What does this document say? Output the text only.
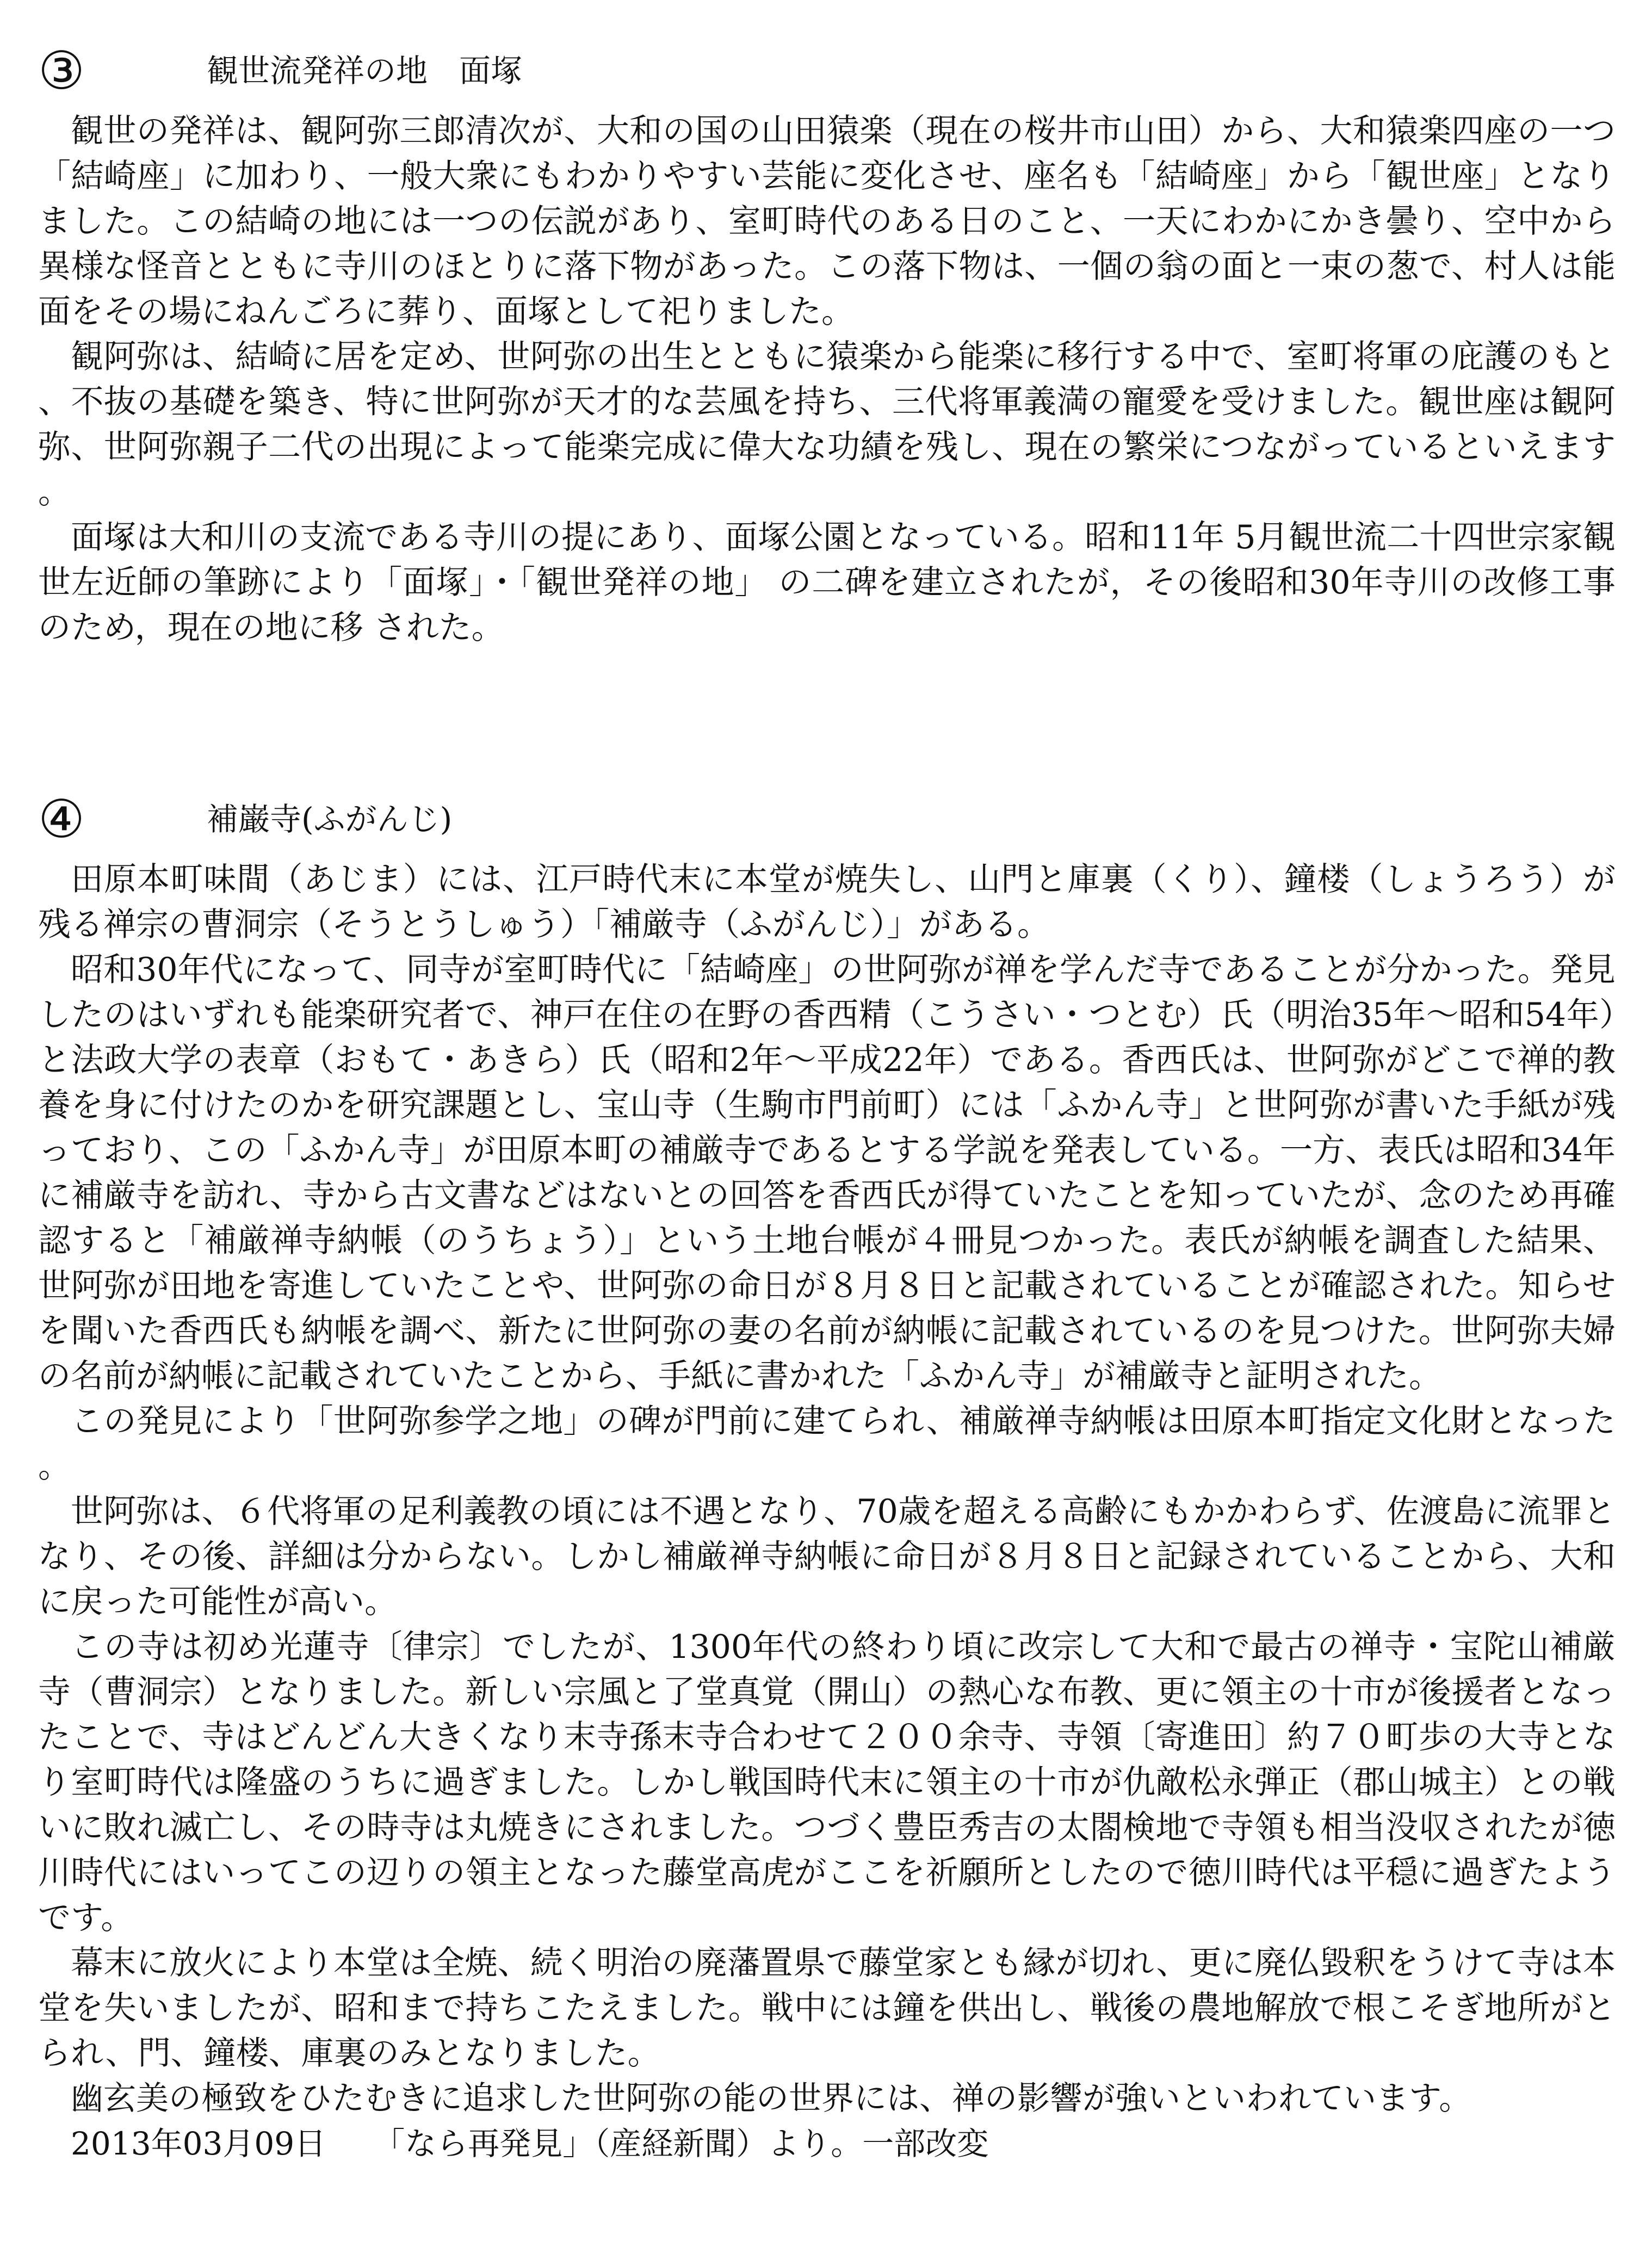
③	観世流発祥の地　面塚

観世の発祥は、観阿弥三郎清次が、大和の国の山田猿楽（現在の桜井市山田）から、大和猿楽四座の一つ「結崎座」に加わり、一般大衆にもわかりやすい芸能に変化させ、座名も「結崎座」から「観世座」となりました。この結崎の地には一つの伝説があり、室町時代のある日のこと、一天にわかにかき曇り、空中から異様な怪音とともに寺川のほとりに落下物があった。この落下物は、一個の翁の面と一束の葱で、村人は能面をその場にねんごろに葬り、面塚として祀りました。

観阿弥は、結崎に居を定め、世阿弥の出生とともに猿楽から能楽に移行する中で、室町将軍の庇護のもと、不抜の基礎を築き、特に世阿弥が天才的な芸風を持ち、三代将軍義満の寵愛を受けました。観世座は観阿弥、世阿弥親子二代の出現によって能楽完成に偉大な功績を残し、現在の繁栄につながっているといえます。

面塚は大和川の支流である寺川の提にあり、面塚公園となっている。昭和11年 5月観世流二十四世宗家観世左近師の筆跡により「面塚」・「観世発祥の地」 の二碑を建立されたが，その後昭和30年寺川の改修工事のため，現在の地に移 された。

④	補巌寺(ふがんじ)

田原本町味間（あじま）には、江戸時代末に本堂が焼失し、山門と庫裏（くり）、鐘楼（しょうろう）が残る禅宗の曹洞宗（そうとうしゅう）「補厳寺（ふがんじ）」がある。

昭和30年代になって、同寺が室町時代に「結崎座」の世阿弥が禅を学んだ寺であることが分かった。発見したのはいずれも能楽研究者で、神戸在住の在野の香西精（こうさい・つとむ）氏（明治35年～昭和54年）と法政大学の表章（おもて・あきら）氏（昭和2年～平成22年）である。香西氏は、世阿弥がどこで禅的教養を身に付けたのかを研究課題とし、宝山寺（生駒市門前町）には「ふかん寺」と世阿弥が書いた手紙が残っており、この「ふかん寺」が田原本町の補厳寺であるとする学説を発表している。一方、表氏は昭和34年に補厳寺を訪れ、寺から古文書などはないとの回答を香西氏が得ていたことを知っていたが、念のため再確認すると「補厳禅寺納帳（のうちょう）」という土地台帳が４冊見つかった。表氏が納帳を調査した結果、世阿弥が田地を寄進していたことや、世阿弥の命日が８月８日と記載されていることが確認された。知らせを聞いた香西氏も納帳を調べ、新たに世阿弥の妻の名前が納帳に記載されているのを見つけた。世阿弥夫婦の名前が納帳に記載されていたことから、手紙に書かれた「ふかん寺」が補厳寺と証明された。

この発見により「世阿弥参学之地」の碑が門前に建てられ、補厳禅寺納帳は田原本町指定文化財となった。

世阿弥は、６代将軍の足利義教の頃には不遇となり、70歳を超える高齢にもかかわらず、佐渡島に流罪となり、その後、詳細は分からない。しかし補厳禅寺納帳に命日が８月８日と記録されていることから、大和に戻った可能性が高い。

この寺は初め光蓮寺〔律宗〕でしたが、1300年代の終わり頃に改宗して大和で最古の禅寺・宝陀山補厳寺（曹洞宗）となりました。新しい宗風と了堂真覚（開山）の熱心な布教、更に領主の十市が後援者となったことで、寺はどんどん大きくなり末寺孫末寺合わせて２００余寺、寺領〔寄進田〕約７０町歩の大寺となり室町時代は隆盛のうちに過ぎました。しかし戦国時代末に領主の十市が仇敵松永弾正（郡山城主）との戦いに敗れ滅亡し、その時寺は丸焼きにされました。つづく豊臣秀吉の太閤検地で寺領も相当没収されたが徳川時代にはいってこの辺りの領主となった藤堂高虎がここを祈願所としたので徳川時代は平穏に過ぎたようです。

幕末に放火により本堂は全焼、続く明治の廃藩置県で藤堂家とも縁が切れ、更に廃仏毀釈をうけて寺は本堂を失いましたが、昭和まで持ちこたえました。戦中には鐘を供出し、戦後の農地解放で根こそぎ地所がとられ、門、鐘楼、庫裏のみとなりました。

幽玄美の極致をひたむきに追求した世阿弥の能の世界には、禅の影響が強いといわれています。

2013年03月09日　　「なら再発見」（産経新聞）より。一部改変
